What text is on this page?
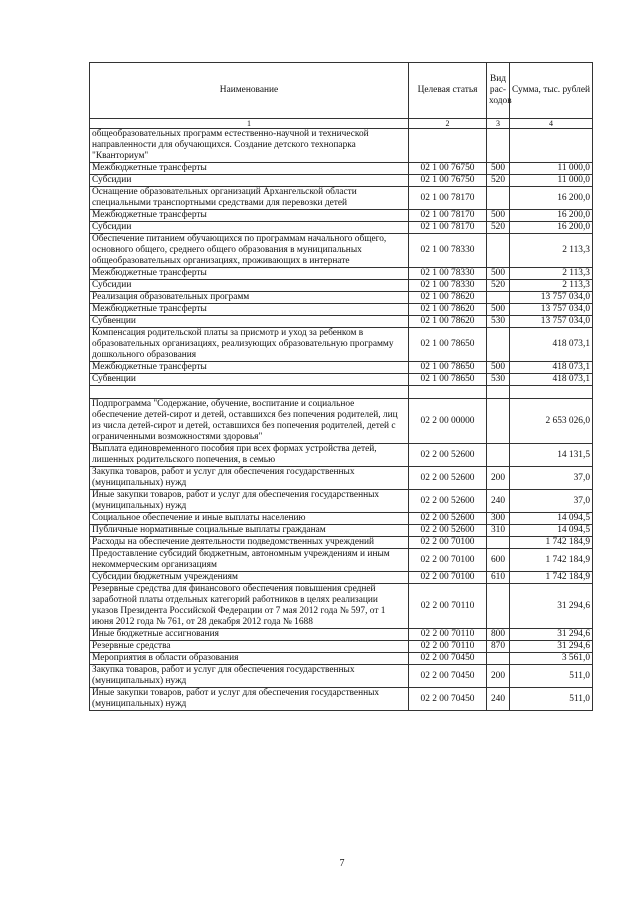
Наименование	Целевая статья	Вид рас-ходов	Сумма, тыс. рублей
1	2	3	4
общеобразовательных программ естественно-научной и технической направленности для обучающихся. Создание детского технопарка "Кванториум"			
Межбюджетные трансферты	02 1 00 76750	500	11 000,0
Субсидии	02 1 00 76750	520	11 000,0
Оснащение образовательных организаций Архангельской области специальными транспортными средствами для перевозки детей	02 1 00 78170		16 200,0
Межбюджетные трансферты	02 1 00 78170	500	16 200,0
Субсидии	02 1 00 78170	520	16 200,0
Обеспечение питанием обучающихся по программам начального общего, основного общего, среднего общего образования в муниципальных общеобразовательных организациях, проживающих в интернате	02 1 00 78330		2 113,3
Межбюджетные трансферты	02 1 00 78330	500	2 113,3
Субсидии	02 1 00 78330	520	2 113,3
Реализация образовательных программ	02 1 00 78620		13 757 034,0
Межбюджетные трансферты	02 1 00 78620	500	13 757 034,0
Субвенции	02 1 00 78620	530	13 757 034,0
Компенсация родительской платы за присмотр и уход за ребенком в образовательных организациях, реализующих образовательную программу дошкольного образования	02 1 00 78650		418 073,1
Межбюджетные трансферты	02 1 00 78650	500	418 073,1
Субвенции	02 1 00 78650	530	418 073,1

Подпрограмма "Содержание, обучение, воспитание и социальное обеспечение детей-сирот и детей, оставшихся без попечения родителей, лиц из числа детей-сирот и детей, оставшихся без попечения родителей, детей с ограниченными возможностями здоровья"	02 2 00 00000		2 653 026,0
Выплата единовременного пособия при всех формах устройства детей, лишенных родительского попечения, в семью	02 2 00 52600		14 131,5
Закупка товаров, работ и услуг для обеспечения государственных (муниципальных) нужд	02 2 00 52600	200	37,0
Иные закупки товаров, работ и услуг для обеспечения государственных (муниципальных) нужд	02 2 00 52600	240	37,0
Социальное обеспечение и иные выплаты населению	02 2 00 52600	300	14 094,5
Публичные нормативные социальные выплаты гражданам	02 2 00 52600	310	14 094,5
Расходы на обеспечение деятельности подведомственных учреждений	02 2 00 70100		1 742 184,9
Предоставление субсидий бюджетным, автономным учреждениям и иным некоммерческим организациям	02 2 00 70100	600	1 742 184,9
Субсидии бюджетным учреждениям	02 2 00 70100	610	1 742 184,9
Резервные средства для финансового обеспечения повышения средней заработной платы отдельных категорий работников в целях реализации указов Президента Российской Федерации от 7 мая 2012 года № 597, от 1 июня 2012 года № 761, от 28 декабря 2012 года № 1688	02 2 00 70110		31 294,6
Иные бюджетные ассигнования	02 2 00 70110	800	31 294,6
Резервные средства	02 2 00 70110	870	31 294,6
Мероприятия в области образования	02 2 00 70450		3 561,0
Закупка товаров, работ и услуг для обеспечения государственных (муниципальных) нужд	02 2 00 70450	200	511,0
Иные закупки товаров, работ и услуг для обеспечения государственных (муниципальных) нужд	02 2 00 70450	240	511,0
7
